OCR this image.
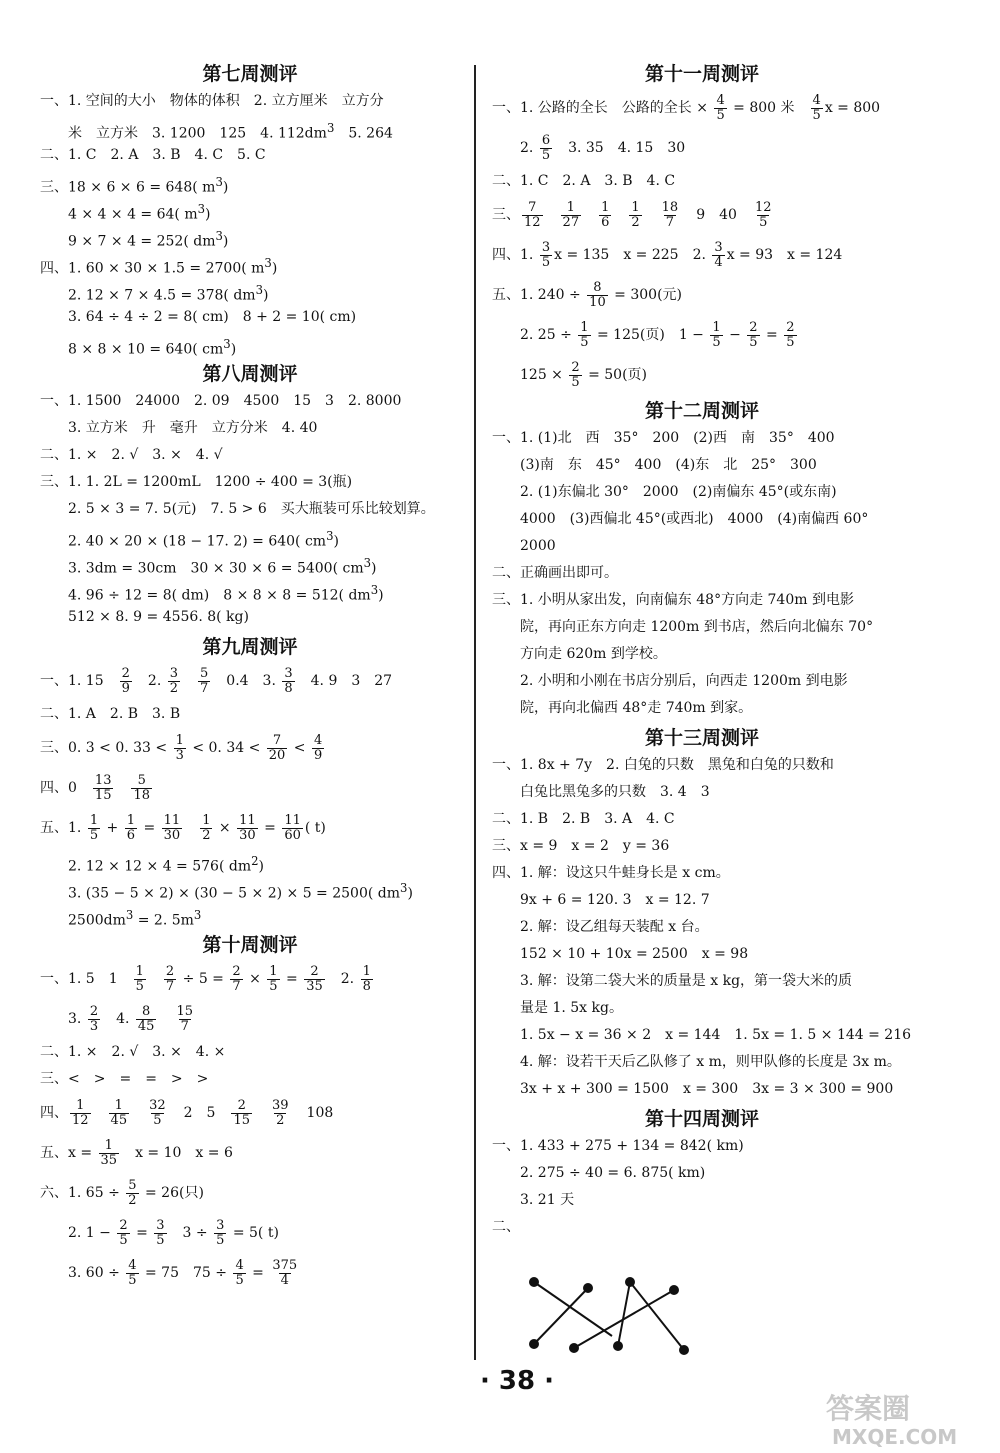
第七周测评
一、1. 空间的大小　物体的体积　2. 立方厘米　立方分
　　米　立方米　3. 1200　125　4. $112dm^3$　5. 264
二、1. C　2. A　3. B　4. C　5. C
三、18 × 6 × 6 = 648( $m^3$)
　　4 × 4 × 4 = 64( $m^3$)
　　9 × 7 × 4 = 252( $dm^3$)
四、1. 60 × 30 × 1.5 = 2700( $m^3$)
　　2. 12 × 7 × 4.5 = 378( $dm^3$)
　　3. 64 ÷ 4 ÷ 2 = 8( cm)　8 + 2 = 10( cm)
　　8 × 8 × 10 = 640( $cm^3$)
第八周测评
一、1. 1500　24000　2. 09　4500　15　3　2. 8000
　　3. 立方米　升　毫升　立方分米　4. 40
二、1. ×　2. √　3. ×　4. √
三、1. 1. 2L = 1200mL　1200 ÷ 400 = 3(瓶)
　　2. 5 × 3 = 7. 5(元)　7. 5 > 6　买大瓶装可乐比较划算。
　　2. 40 × 20 × (18 − 17. 2) = 640( $cm^3$)
　　3. 3dm = 30cm　30 × 30 × 6 = 5400( $cm^3$)
　　4. 96 ÷ 12 = 8( dm)　8 × 8 × 8 = 512( $dm^3$)
　　512 × 8. 9 = 4556. 8( kg)
第九周测评
一、1. 15　 $\frac{2}{9}$ 　2. $\frac{3}{2}$
　 $\frac{5}{7}$ 　0.4　3. $\frac{3}{8}$ 　4. 9　3　27
二、1. A　2. B　3. B
三、0. 3 < 0. $33 < \frac{1}{3} < 0$. $34 < \frac{7}{20} < \frac{4}{9}$
四、0　 $\frac{13}{15}$
　 $\frac{5}{18}$
五、1. $\frac{1}{5} + \frac{1}{6} = \frac{11}{30}$
　 $\frac{1}{2} \times \frac{11}{30} = \frac{11}{60}$ ( t)
　　2. 12 × 12 × 4 = 576( $dm^2$)
　　3. (35 − 5 × 2) × (30 − 5 × 2) × 5 = 2500( $dm^3$)
　　$2500dm^3 = 2$. $5m^3$
第十周测评
一、1. 5　1　 $\frac{1}{5}$
　 $\frac{2}{7} \div 5 = \frac{2}{7} \times \frac{1}{5} = \frac{2}{35}$ 　2. $\frac{1}{8}$
　　3. $\frac{2}{3}$ 　4. $\frac{8}{45}$
　 $\frac{15}{7}$
二、1. ×　2. √　3. ×　4. ×
三、<　>　=　=　>　>
四、 $\frac{1}{12}$
　 $\frac{1}{45}$
　 $\frac{32}{5}$ 　2　5　 $\frac{2}{15}$
　 $\frac{39}{2}$ 　108
五、$x = \frac{1}{35}$ 　x = 10　x = 6
六、1. $65 \div \frac{5}{2} = 26$(只)
　　2. $1 - \frac{2}{5} = \frac{3}{5}$ 　$3 \div \frac{3}{5} = 5$( t)
　　3. $60 \div \frac{4}{5} = 75$　$75 \div \frac{4}{5} = \frac{375}{4}$
第十一周测评
一、1. 公路的全长　公路的全长 × $\frac{4}{5} = 800$ 米　 $\frac{4}{5}$ x = 800
　　2. $\frac{6}{5}$ 　3. 35　4. 15　30
二、1. C　2. A　3. B　4. C
三、 $\frac{7}{12}$
　 $\frac{1}{27}$
　 $\frac{1}{6}$
　 $\frac{1}{2}$
　 $\frac{18}{7}$ 　9　40　 $\frac{12}{5}$
四、1. $\frac{3}{5}$ x = 135　x = 225　2. $\frac{3}{4}$ x = 93　x = 124
五、1. $240 \div \frac{8}{10} = 300$(元)
　　2. $25 \div \frac{1}{5} = 125$(页)　$1 - \frac{1}{5} - \frac{2}{5} = \frac{2}{5}$
　　$125 \times \frac{2}{5} = 50$(页)
第十二周测评
一、1. (1)北　西　35°　200　(2)西　南　35°　400
　　(3)南　东　45°　400　(4)东　北　25°　300
　　2. (1)东偏北 30°　2000　(2)南偏东 45°(或东南)
　　4000　(3)西偏北 45°(或西北)　4000　(4)南偏西 60°
　　2000
二、正确画出即可。
三、1. 小明从家出发，向南偏东 48°方向走 740m 到电影
　　院，再向正东方向走 1200m 到书店，然后向北偏东 70°
　　方向走 620m 到学校。
　　2. 小明和小刚在书店分别后，向西走 1200m 到电影
　　院，再向北偏西 48°走 740m 到家。
第十三周测评
一、1. 8x + 7y　2. 白兔的只数　黑兔和白兔的只数和
　　白兔比黑兔多的只数　3. 4　3
二、1. B　2. B　3. A　4. C
三、x = 9　x = 2　y = 36
四、1. 解：设这只牛蛙身长是 x cm。
　　9x + 6 = 120. 3　x = 12. 7
　　2. 解：设乙组每天装配 x 台。
　　152 × 10 + 10x = 2500　x = 98
　　3. 解：设第二袋大米的质量是 x kg，第一袋大米的质
　　量是 1. 5x kg。
　　1. 5x − x = 36 × 2　x = 144　1. 5x = 1. 5 × 144 = 216
　　4. 解：设若干天后乙队修了 x m，则甲队修的长度是 3x m。
　　3x + x + 300 = 1500　x = 300　3x = 3 × 300 = 900
第十四周测评
一、1. 433 + 275 + 134 = 842( km)
　　2. 275 ÷ 40 = 6. 875( km)
　　3. 21 天
二、
· 38 ·
答案圈
MXQE.COM
